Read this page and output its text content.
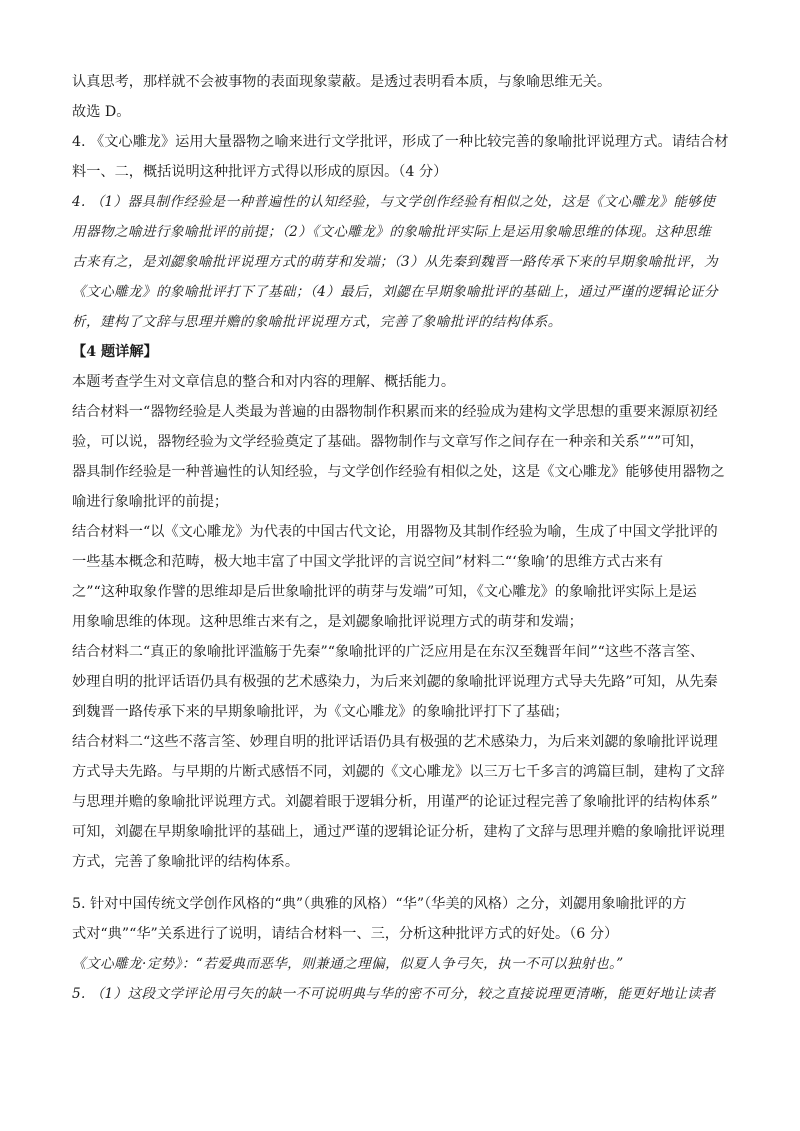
认真思考，那样就不会被事物的表面现象蒙蔽。是透过表明看本质，与象喻思维无关。
故选 D。
4. 《文心雕龙》运用大量器物之喻来进行文学批评，形成了一种比较完善的象喻批评说理方式。请结合材
料一、二，概括说明这种批评方式得以形成的原因。（4 分）
4. （1）器具制作经验是一种普遍性的认知经验，与文学创作经验有相似之处，这是《文心雕龙》能够使
用器物之喻进行象喻批评的前提；（2）《文心雕龙》的象喻批评实际上是运用象喻思维的体现。这种思维
古来有之，是刘勰象喻批评说理方式的萌芽和发端；（3）从先秦到魏晋一路传承下来的早期象喻批评，为
《文心雕龙》的象喻批评打下了基础；（4）最后，刘勰在早期象喻批评的基础上，通过严谨的逻辑论证分
析，建构了文辞与思理并赡的象喻批评说理方式，完善了象喻批评的结构体系。
【4 题详解】
本题考查学生对文章信息的整合和对内容的理解、概括能力。
结合材料一“器物经验是人类最为普遍的由器物制作积累而来的经验成为建构文学思想的重要来源原初经
验，可以说，器物经验为文学经验奠定了基础。器物制作与文章写作之间存在一种亲和关系”“”可知，
器具制作经验是一种普遍性的认知经验，与文学创作经验有相似之处，这是《文心雕龙》能够使用器物之
喻进行象喻批评的前提；
结合材料一“以《文心雕龙》为代表的中国古代文论，用器物及其制作经验为喻，生成了中国文学批评的
一些基本概念和范畴，极大地丰富了中国文学批评的言说空间”材料二“‘象喻’的思维方式古来有
之”“这种取象作譬的思维却是后世象喻批评的萌芽与发端”可知，《文心雕龙》的象喻批评实际上是运
用象喻思维的体现。这种思维古来有之，是刘勰象喻批评说理方式的萌芽和发端；
结合材料二“真正的象喻批评滥觞于先秦”“象喻批评的广泛应用是在东汉至魏晋年间”“这些不落言筌、
妙理自明的批评话语仍具有极强的艺术感染力，为后来刘勰的象喻批评说理方式导夫先路”可知，从先秦
到魏晋一路传承下来的早期象喻批评，为《文心雕龙》的象喻批评打下了基础；
结合材料二“这些不落言筌、妙理自明的批评话语仍具有极强的艺术感染力，为后来刘勰的象喻批评说理
方式导夫先路。与早期的片断式感悟不同，刘勰的《文心雕龙》以三万七千多言的鸿篇巨制，建构了文辞
与思理并赡的象喻批评说理方式。刘勰着眼于逻辑分析，用谨严的论证过程完善了象喻批评的结构体系”
可知，刘勰在早期象喻批评的基础上，通过严谨的逻辑论证分析，建构了文辞与思理并赡的象喻批评说理
方式，完善了象喻批评的结构体系。
5. 针对中国传统文学创作风格的“典”（典雅的风格）“华”（华美的风格）之分，刘勰用象喻批评的方
式对“典”“华”关系进行了说明，请结合材料一、三，分析这种批评方式的好处。（6 分）
《文心雕龙·定势》：“若爱典而恶华，则兼通之理偏，似夏人争弓矢，执一不可以独射也。”
5. （1）这段文学评论用弓矢的缺一不可说明典与华的密不可分，较之直接说理更清晰，能更好地让读者
